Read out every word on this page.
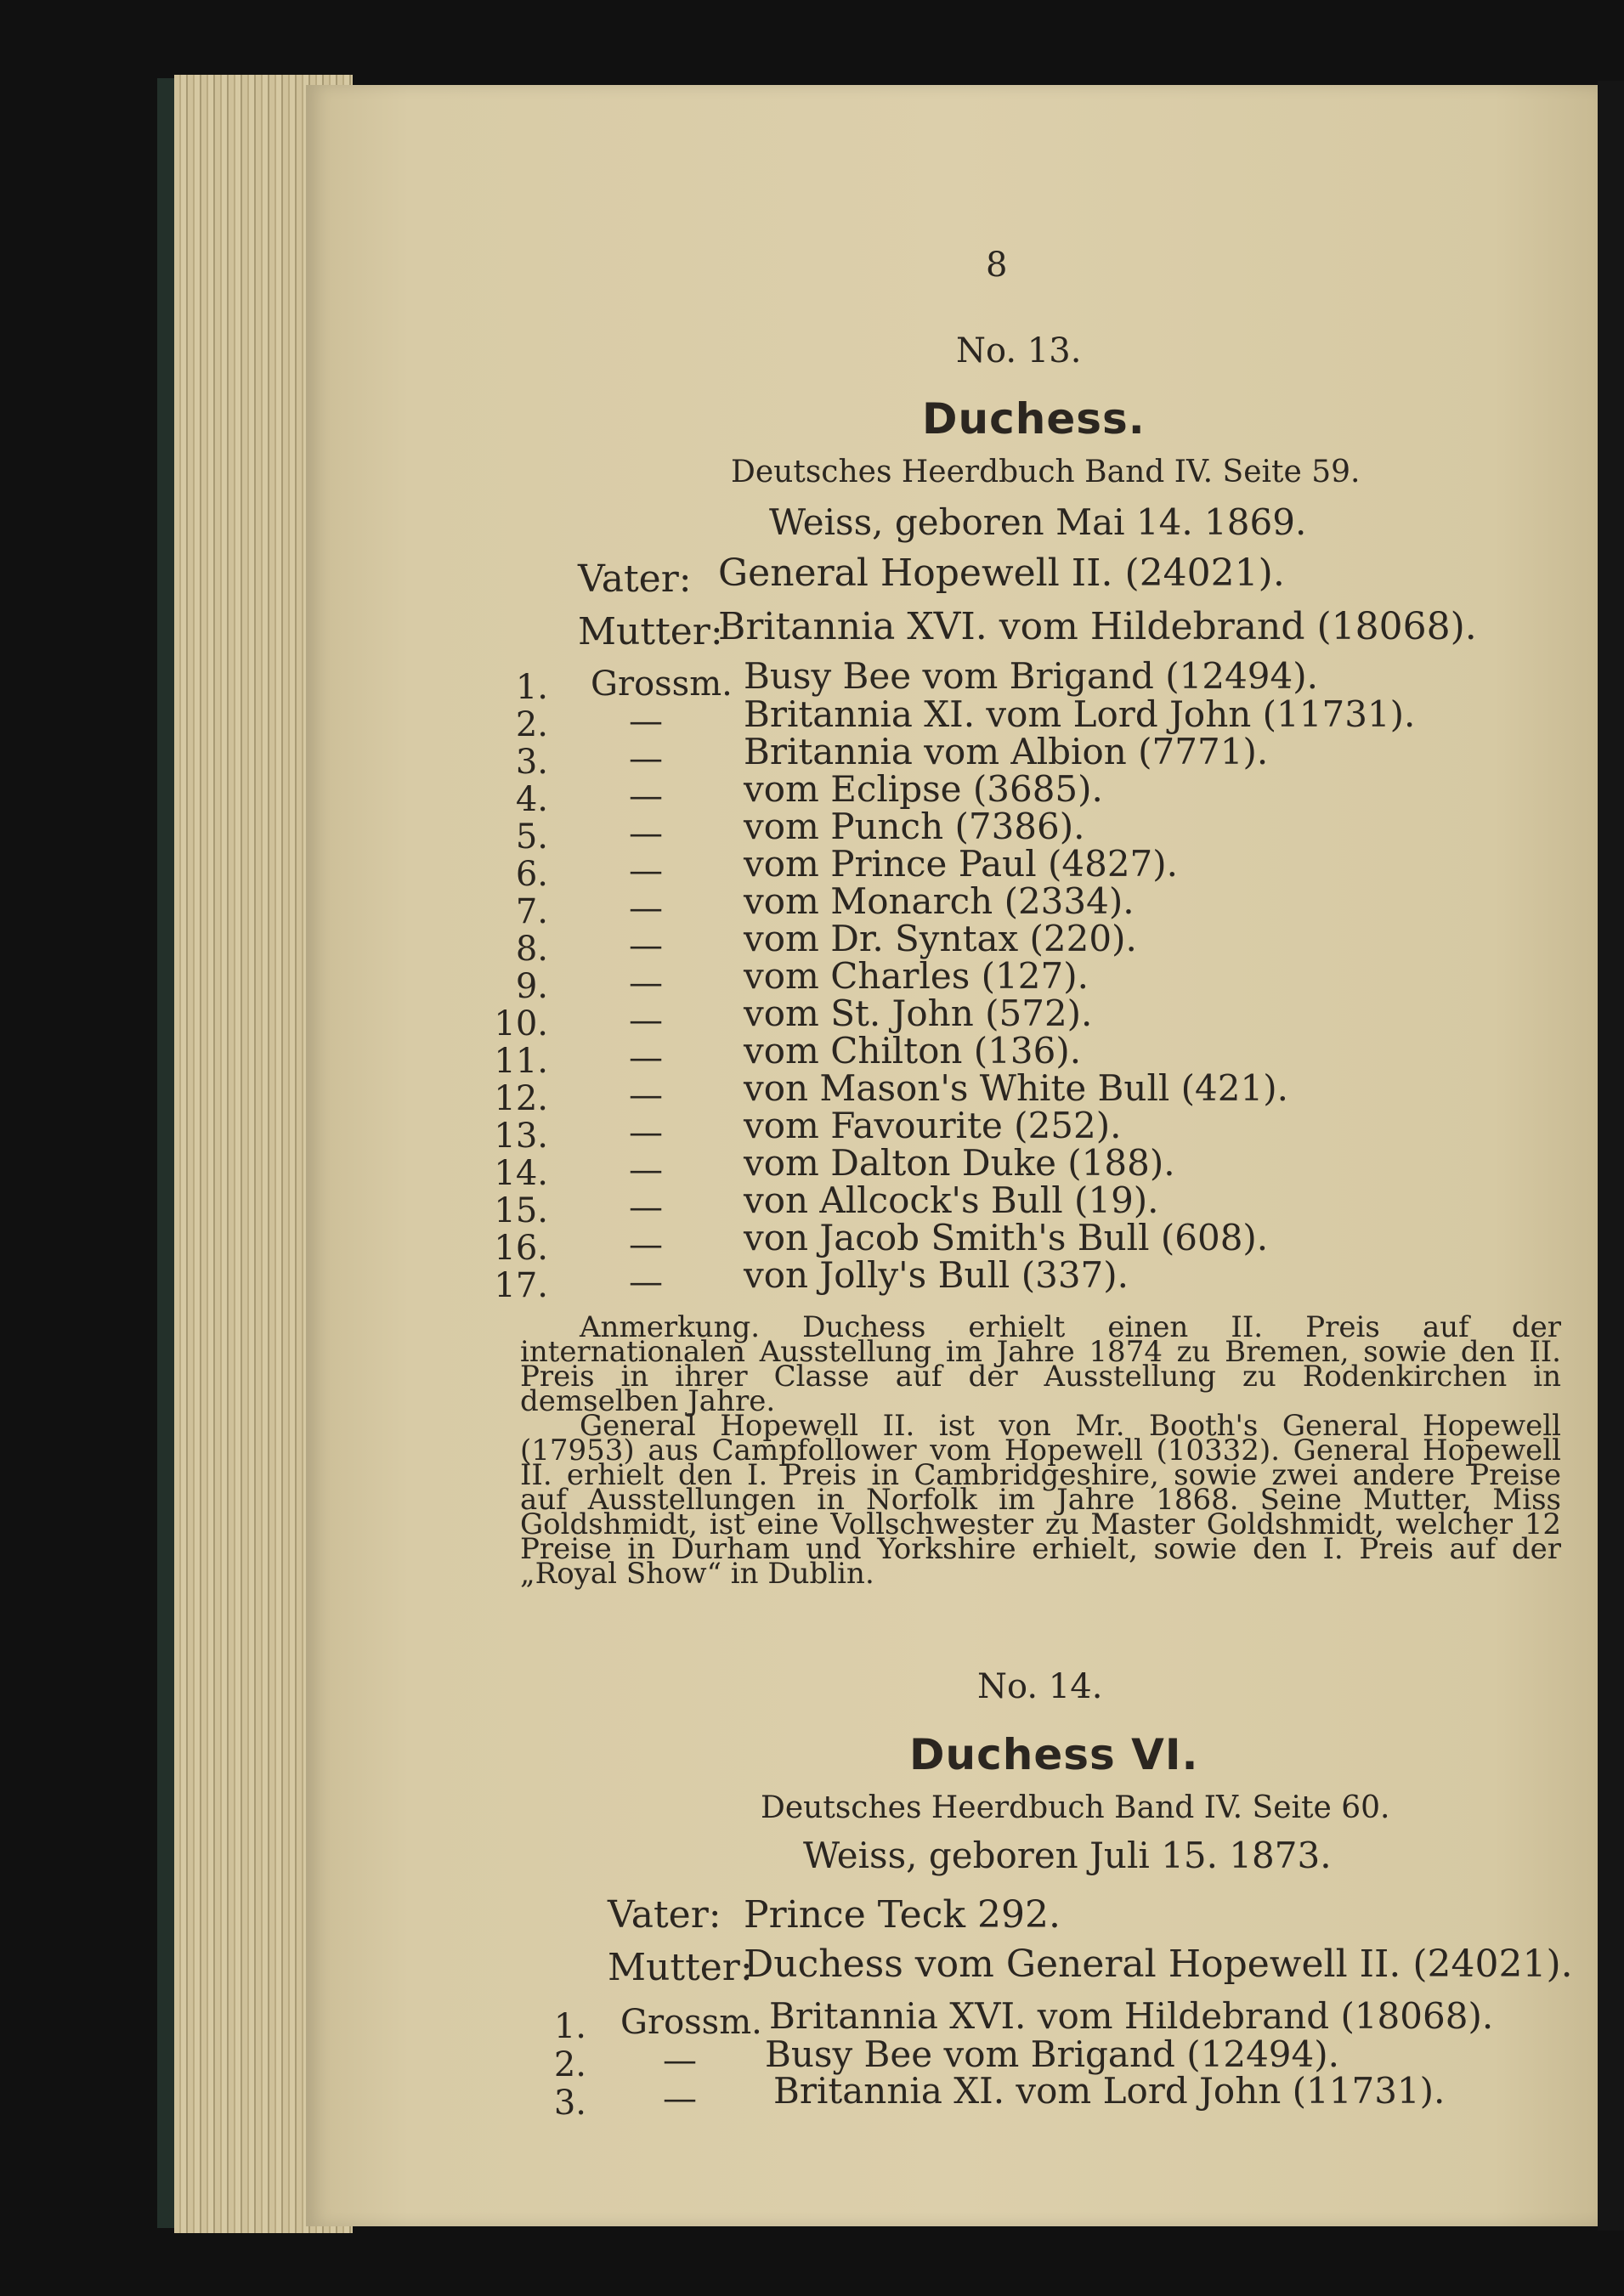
8
No. 13.
Duchess.
Deutsches Heerdbuch Band IV. Seite 59.
Weiss, geboren Mai 14. 1869.
Vater: General Hopewell II. (24021).
Mutter:
Britannia XVI. vom Hildebrand (18068).
1. Grossm. Busy Bee vom Brigand (12494).
2. — Britannia XI. vom Lord John (11731).
3. — Britannia vom Albion (7771).
4. — vom Eclipse (3685).
5. — vom Punch (7386).
6. — vom Prince Paul (4827).
7. — vom Monarch (2334).
8. — vom Dr. Syntax (220).
9. — vom Charles (127).
10. — vom St. John (572).
11. — vom Chilton (136).
12. — von Mason's White Bull (421).
13. — vom Favourite (252).
14. — vom Dalton Duke (188).
15. — von Allcock's Bull (19).
16. — von Jacob Smith's Bull (608).
17. — von Jolly's Bull (337).

Anmerkung. Duchess erhielt einen II. Preis auf der internationalen Ausstellung im Jahre 1874 zu Bremen, sowie den II. Preis in ihrer Classe auf der Ausstellung zu Rodenkirchen in demselben Jahre.

General Hopewell II. ist von Mr. Booth's General Hopewell (17953) aus Campfollower vom Hopewell (10332). General Hopewell II. erhielt den I. Preis in Cambridgeshire, sowie zwei andere Preise auf Ausstellungen in Norfolk im Jahre 1868. Seine Mutter, Miss Goldshmidt, ist eine Vollschwester zu Master Goldshmidt, welcher 12 Preise in Durham und Yorkshire erhielt, sowie den I. Preis auf der „Royal Show“ in Dublin.

No. 14.
Duchess VI.
Deutsches Heerdbuch Band IV. Seite 60.
Weiss, geboren Juli 15. 1873.
Vater: Prince Teck 292.
Mutter:
Duchess vom General Hopewell II. (24021).
1. Grossm. Britannia XVI. vom Hildebrand (18068).
2. — Busy Bee vom Brigand (12494).
3. — Britannia XI. vom Lord John (11731).
